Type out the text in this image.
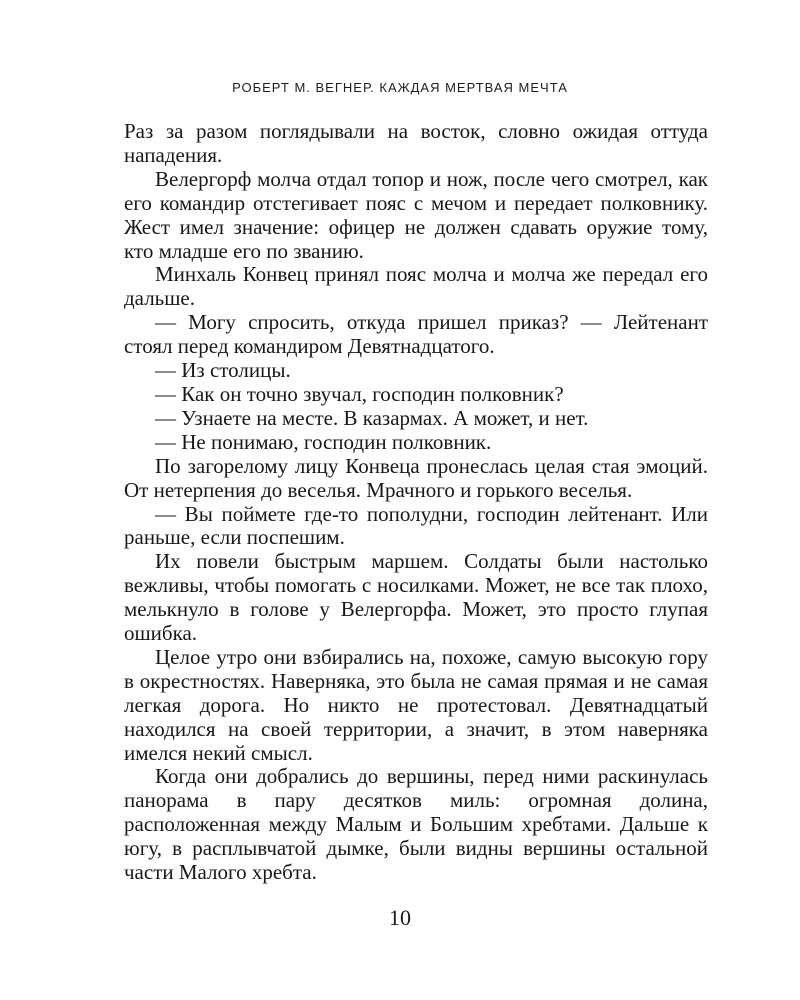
РОБЕРТ М. ВЕГНЕР. КАЖДАЯ МЕРТВАЯ МЕЧТА

Раз за разом поглядывали на восток, словно ожидая оттуда нападения.

Велергорф молча отдал топор и нож, после чего смотрел, как его командир отстегивает пояс с мечом и передает полковнику. Жест имел значение: офицер не должен сдавать оружие тому, кто младше его по званию.

Минхаль Конвец принял пояс молча и молча же передал его дальше.

— Могу спросить, откуда пришел приказ? — Лейтенант стоял перед командиром Девятнадцатого.

— Из столицы.

— Как он точно звучал, господин полковник?

— Узнаете на месте. В казармах. А может, и нет.

— Не понимаю, господин полковник.

По загорелому лицу Конвеца пронеслась целая стая эмоций. От нетерпения до веселья. Мрачного и горького веселья.

— Вы поймете где-то пополудни, господин лейтенант. Или раньше, если поспешим.

Их повели быстрым маршем. Солдаты были настолько вежливы, чтобы помогать с носилками. Может, не все так плохо, мелькнуло в голове у Велергорфа. Может, это просто глупая ошибка.

Целое утро они взбирались на, похоже, самую высокую гору в окрестностях. Наверняка, это была не самая прямая и не самая легкая дорога. Но никто не протестовал. Девятнадцатый находился на своей территории, а значит, в этом наверняка имелся некий смысл.

Когда они добрались до вершины, перед ними раскинулась панорама в пару десятков миль: огромная долина, расположенная между Малым и Большим хребтами. Дальше к югу, в расплывчатой дымке, были видны вершины остальной части Малого хребта.

10
